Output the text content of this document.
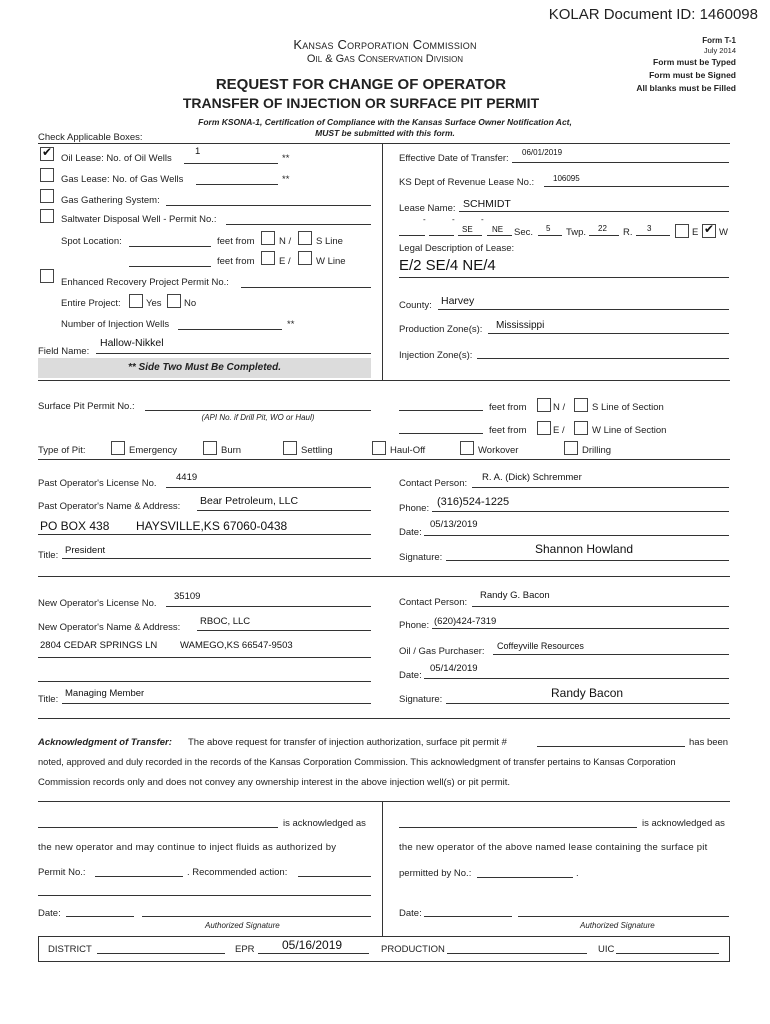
KOLAR Document ID: 1460098
Kansas Corporation Commission
Oil & Gas Conservation Division
REQUEST FOR CHANGE OF OPERATOR
TRANSFER OF INJECTION OR SURFACE PIT PERMIT
Form T-1
July 2014
Form must be Typed
Form must be Signed
All blanks must be Filled
Form KSONA-1, Certification of Compliance with the Kansas Surface Owner Notification Act,
MUST be submitted with this form.
Check Applicable Boxes:
✔
Oil Lease: No. of Oil Wells
1
**
Gas Lease: No. of Gas Wells	**
Gas Gathering System:
Saltwater Disposal Well - Permit No.:
Spot Location:	feet from	N /	S Line
feet from	E /	W Line
Enhanced Recovery Project Permit No.:
Entire Project:	Yes No
Number of Injection Wells	**
Field Name:
Hallow-Nikkel
** Side Two Must Be Completed.
Effective Date of Transfer:
06/01/2019
KS Dept of Revenue Lease No.: 106095
Lease Name: SCHMIDT
-	-	-
SE NE Sec. 5 Twp. 22 R. 3	E
✔ W
Legal Description of Lease:
E/2 SE/4 NE/4
County: Harvey
Production Zone(s): Mississippi
Injection Zone(s):
Surface Pit Permit No.:
(API No. if Drill Pit, WO or Haul)
feet from	N /	S Line of Section
feet from	E /	W Line of Section
Type of Pit:	Emergency	Burn	Settling	Haul-Off	Workover	Drilling
Past Operator's License No.
4419
Past Operator's Name & Address: Bear Petroleum, LLC
PO BOX 438 HAYSVILLE,KS 67060-0438
Title: President
Contact Person:
R. A. (Dick) Schremmer
Phone:
(316)524-1225
Date:
05/13/2019
Signature:
Shannon Howland
New Operator's License No.
35109
New Operator's Name & Address:
RBOC, LLC
2804 CEDAR SPRINGS LN WAMEGO,KS 66547-9503
Title:
Managing Member
Contact Person:
Randy G. Bacon
Phone: (620)424-7319
Oil / Gas Purchaser: Coffeyville Resources
Date:
05/14/2019
Signature:	Randy Bacon
Acknowledgment of Transfer: The above request for transfer of injection authorization, surface pit permit #	has been
noted, approved and duly recorded in the records of the Kansas Corporation Commission. This acknowledgment of transfer pertains to Kansas Corporation
Commission records only and does not convey any ownership interest in the above injection well(s) or pit permit.
is acknowledged as
the new operator and may continue to inject fluids as authorized by
Permit No.:	. Recommended action:
Date:
Authorized Signature
is acknowledged as
the new operator of the above named lease containing the surface pit
permitted by No.:	.
Date:
Authorized Signature
DISTRICT	EPR 05/16/2019	PRODUCTION	UIC
